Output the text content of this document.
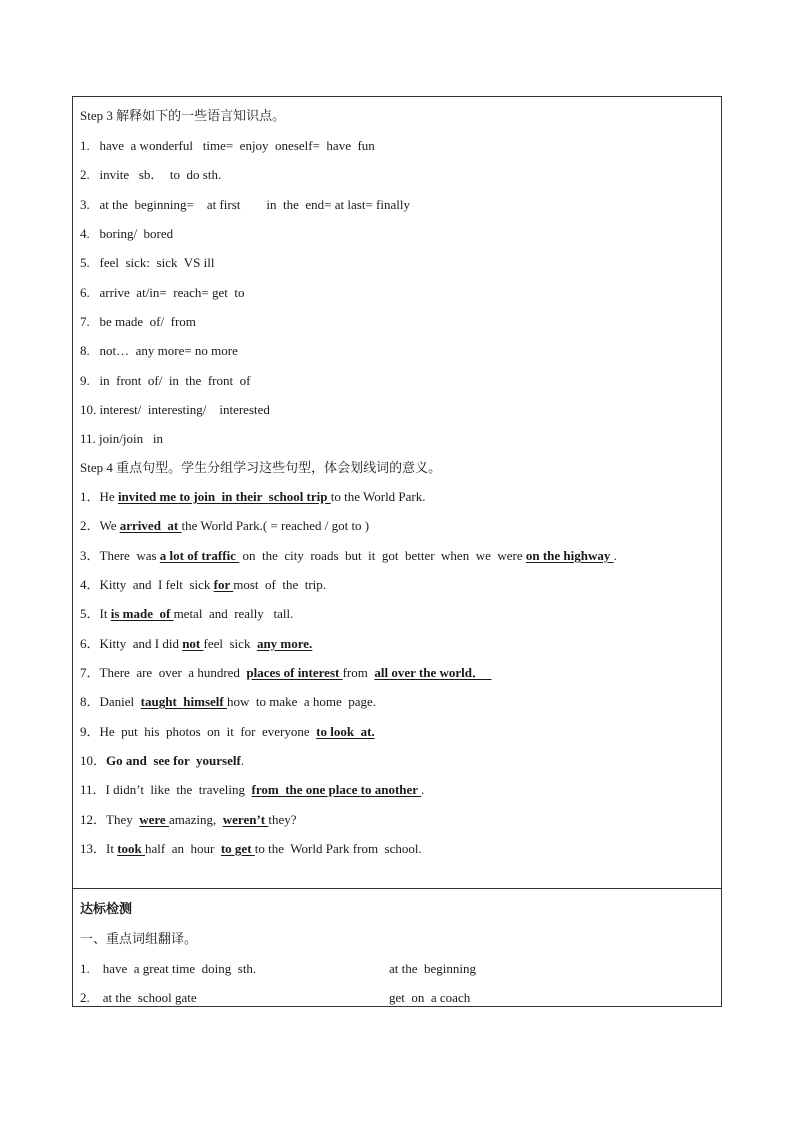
Step 3 解释如下的一些语言知识点。
1.   have  a wonderful   time=  enjoy  oneself=  have  fun
2.   invite   sb．  to  do sth.
3.   at the  beginning=    at first        in  the  end= at last= finally
4.   boring/  bored
5.   feel  sick:  sick  VS ill
6.   arrive  at/in=  reach= get  to
7.   be made  of/  from
8.   not…  any more= no more
9.   in  front  of/  in  the  front  of
10. interest/  interesting/    interested
11. join/join   in
Step 4 重点句型。学生分组学习这些句型，体会划线词的意义。
1．He invited me to join  in their  school trip to the World Park.
2．We arrived  at the World Park.( = reached / got to )
3．There  was a lot of traffic  on  the  city  roads  but  it  got  better  when  we  were on the highway .
4．Kitty  and  I felt  sick for most  of  the  trip.
5．It is made  of metal  and  really   tall.
6．Kitty  and I did not feel  sick  any more.
7．There  are  over  a hundred  places of interest from  all over the world．
8．Daniel  taught  himself how  to make  a home  page.
9．He  put  his  photos  on  it  for  everyone  to look  at.
10．Go and  see for  yourself.
11．I didn’t  like  the  traveling  from  the one place to another .
12．They  were amazing,  weren’t they?
13．It took half  an  hour  to get to the  World Park from  school.
达标检测
一、重点词组翻译。
1.    have  a great time  doing  sth.	at the  beginning
2.    at the  school gate	get  on  a coach
